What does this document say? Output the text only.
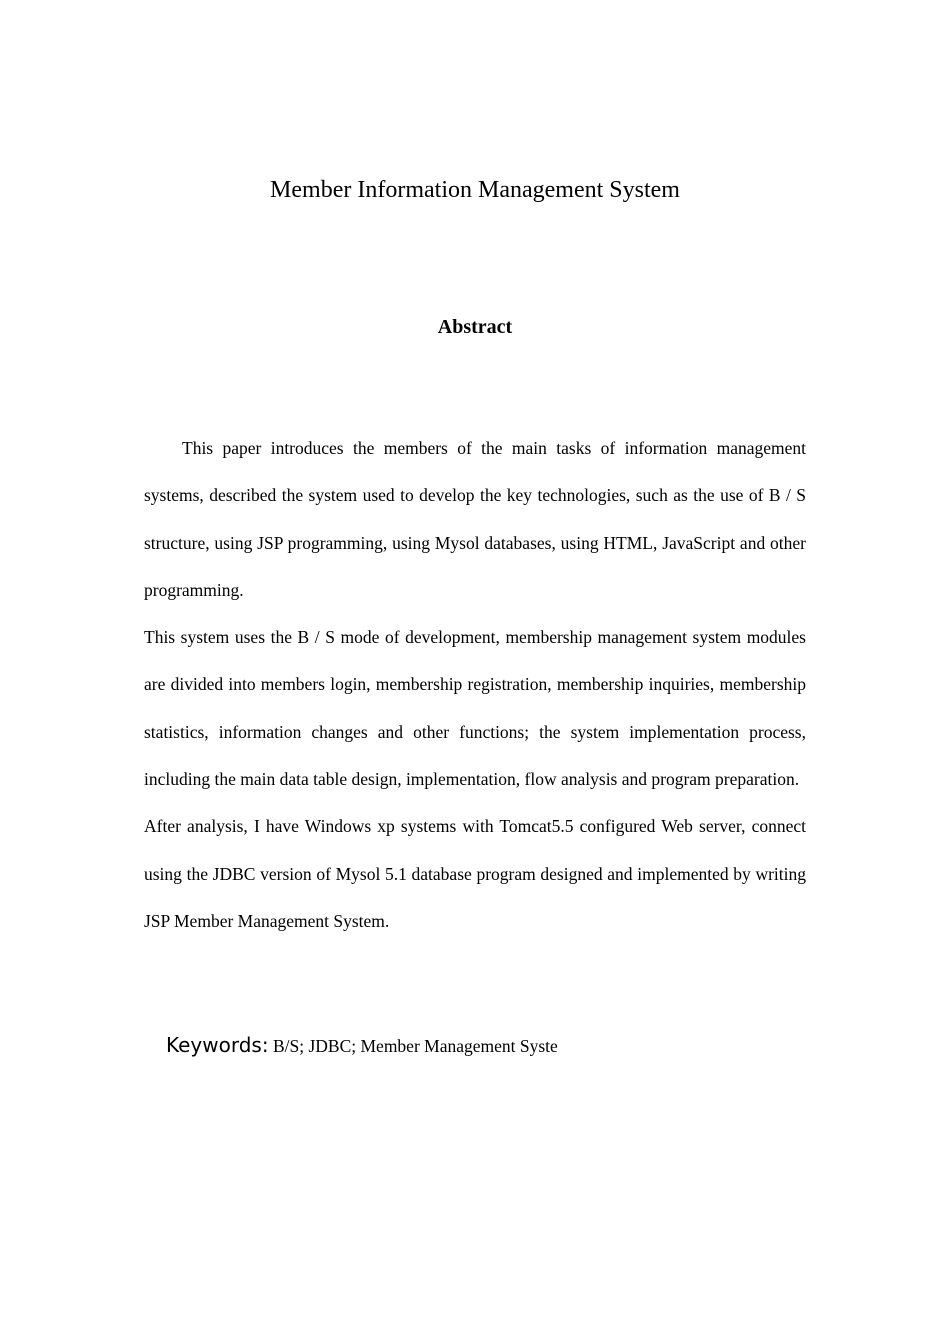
Member Information Management System
Abstract

This paper introduces the members of the main tasks of information management systems, described the system used to develop the key technologies, such as the use of B / S structure, using JSP programming, using Mysol databases, using HTML, JavaScript and other programming.

This system uses the B / S mode of development, membership management system modules are divided into members login, membership registration, membership inquiries, membership statistics, information changes and other functions; the system implementation process, including the main data table design, implementation, flow analysis and program preparation.

After analysis, I have Windows xp systems with Tomcat5.5 configured Web server, connect using the JDBC version of Mysol 5.1 database program designed and implemented by writing JSP Member Management System.

Keywords: B/S; JDBC; Member Management Syste
